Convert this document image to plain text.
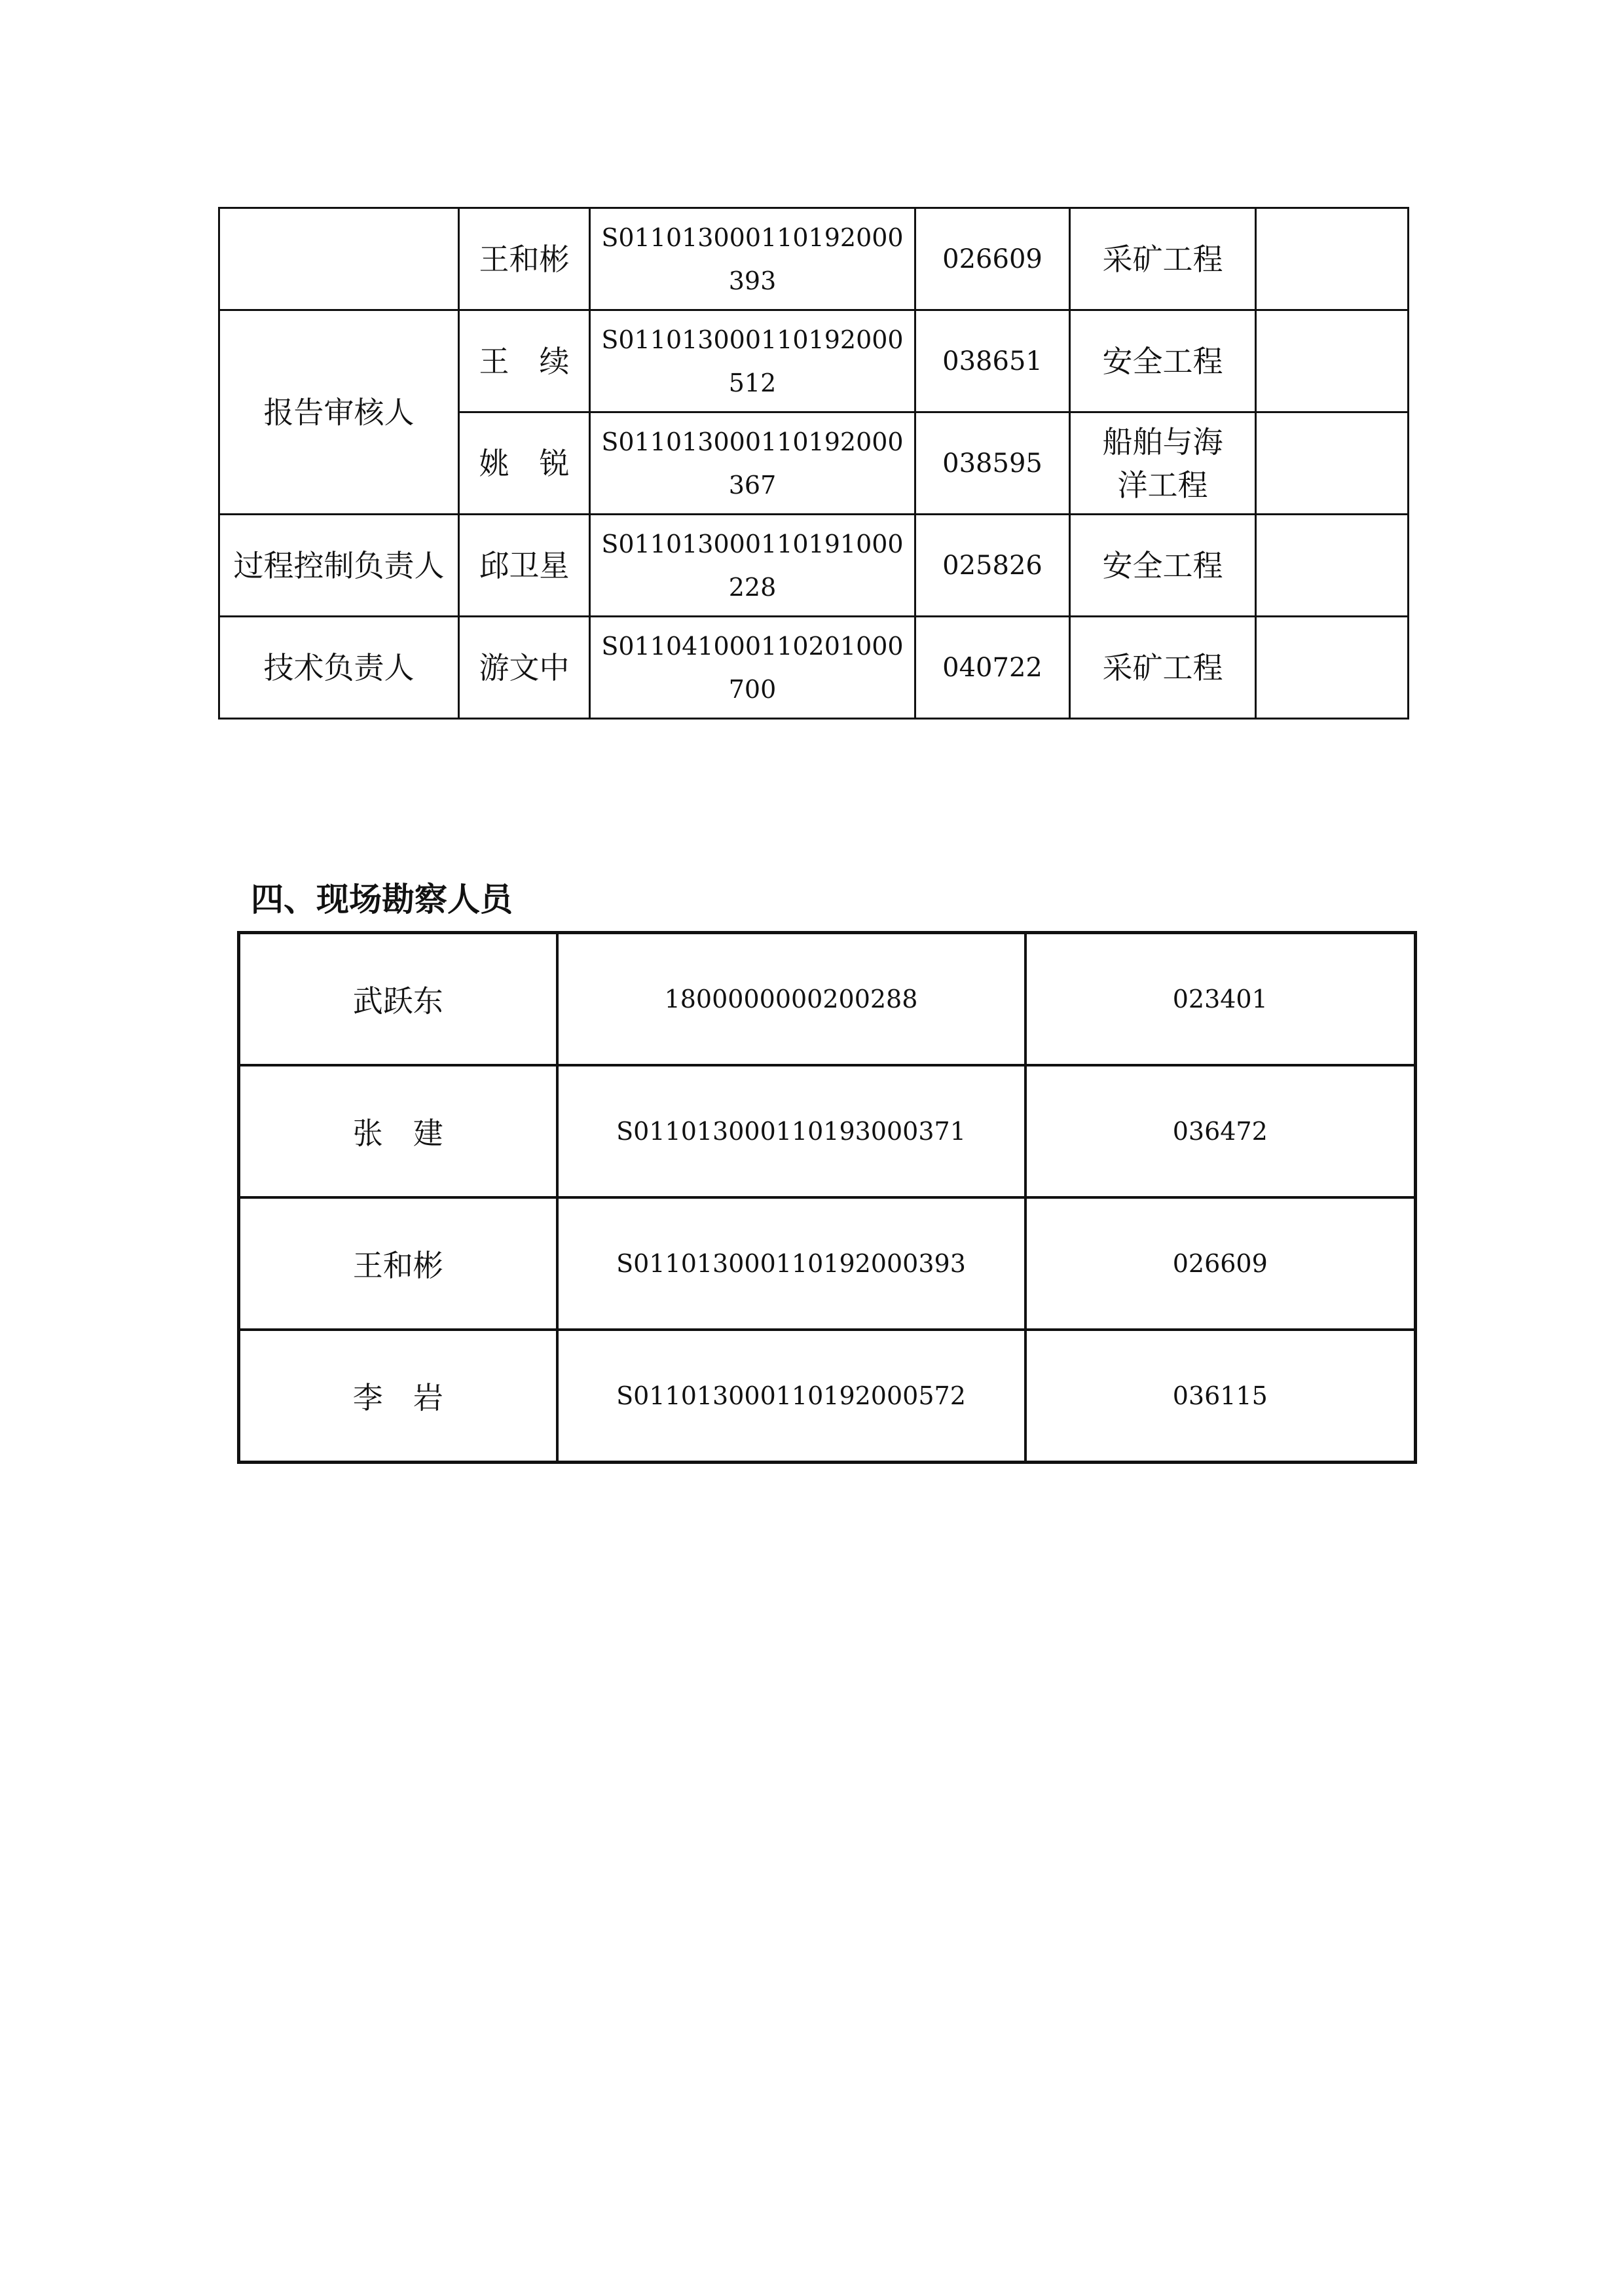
	王和彬	S011013000110192000393	026609	采矿工程	
报告审核人	王　续	S011013000110192000512	038651	安全工程	
	姚　锐	S011013000110192000367	038595	船舶与海洋工程	
过程控制负责人	邱卫星	S011013000110191000228	025826	安全工程	
技术负责人	游文中	S011041000110201000700	040722	采矿工程	
四、现场勘察人员
武跃东	1800000000200288	023401
张　建	S011013000110193000371	036472
王和彬	S011013000110192000393	026609
李　岩	S011013000110192000572	036115
